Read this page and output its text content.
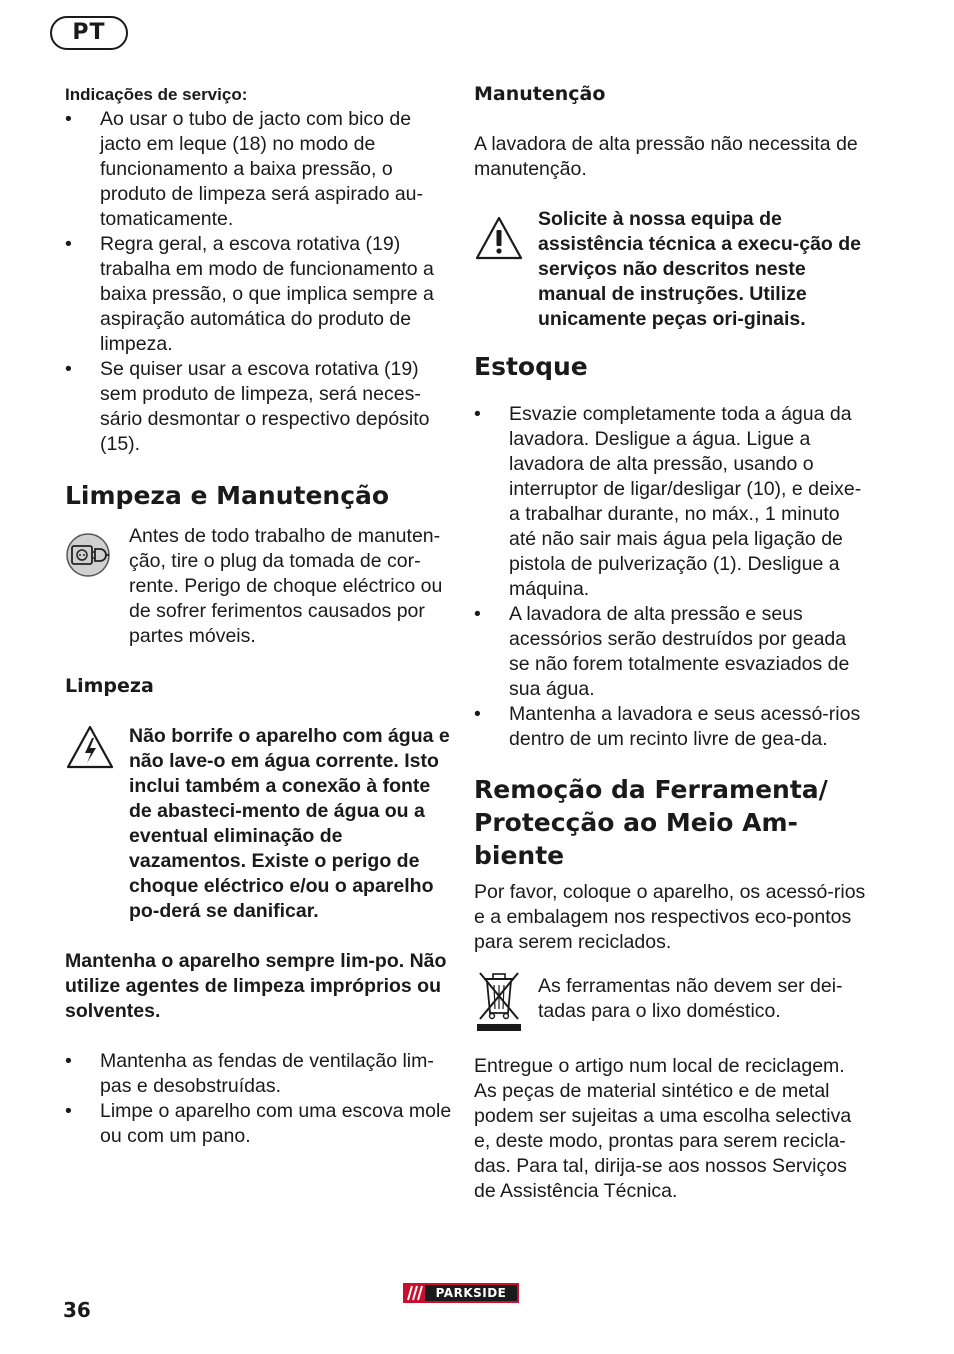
PT

Indicações de serviço:

• Ao usar o tubo de jacto com bico de jacto em leque (18) no modo de funcionamento a baixa pressão, o produto de limpeza será aspirado au-tomaticamente.
• Regra geral, a escova rotativa (19) trabalha em modo de funcionamento a baixa pressão, o que implica sempre a aspiração automática do produto de limpeza.
• Se quiser usar a escova rotativa (19) sem produto de limpeza, será neces-sário desmontar o respectivo depósito (15).
Limpeza e Manutenção

Antes de todo trabalho de manuten-ção, tire o plug da tomada de cor-rente. Perigo de choque eléctrico ou de sofrer ferimentos causados por partes móveis.

Limpeza

Não borrife o aparelho com água e não lave-o em água corrente. Isto inclui também a conexão à fonte de abasteci-mento de água ou a eventual eliminação de vazamentos. Existe o perigo de choque eléctrico e/ou o aparelho po-derá se danificar.

Mantenha o aparelho sempre lim-po. Não utilize agentes de limpeza impróprios ou solventes.

• Mantenha as fendas de ventilação lim-pas e desobstruídas.
• Limpe o aparelho com uma escova mole ou com um pano.
Manutenção

A lavadora de alta pressão não necessita de manutenção.

Solicite à nossa equipa de assistência técnica a execu-ção de serviços não descritos neste manual de instruções. Utilize unicamente peças ori-ginais.

Estoque
• Esvazie completamente toda a água da lavadora. Desligue a água. Ligue a lavadora de alta pressão, usando o interruptor de ligar/desligar (10), e deixe-a trabalhar durante, no máx., 1 minuto até não sair mais água pela ligação de pistola de pulverização (1). Desligue a máquina.
• A lavadora de alta pressão e seus acessórios serão destruídos por geada se não forem totalmente esvaziados de sua água.
• Mantenha a lavadora e seus acessó-rios dentro de um recinto livre de gea-da.
Remoção da Ferramenta/ Protecção ao Meio Am-biente

Por favor, coloque o aparelho, os acessó-rios e a embalagem nos respectivos eco-pontos para serem reciclados.

As ferramentas não devem ser dei-tadas para o lixo doméstico.

Entregue o artigo num local de reciclagem. As peças de material sintético e de metal podem ser sujeitas a uma escolha selectiva e, deste modo, prontas para serem recicla-das. Para tal, dirija-se aos nossos Serviços de Assistência Técnica.

36
PARKSIDE
